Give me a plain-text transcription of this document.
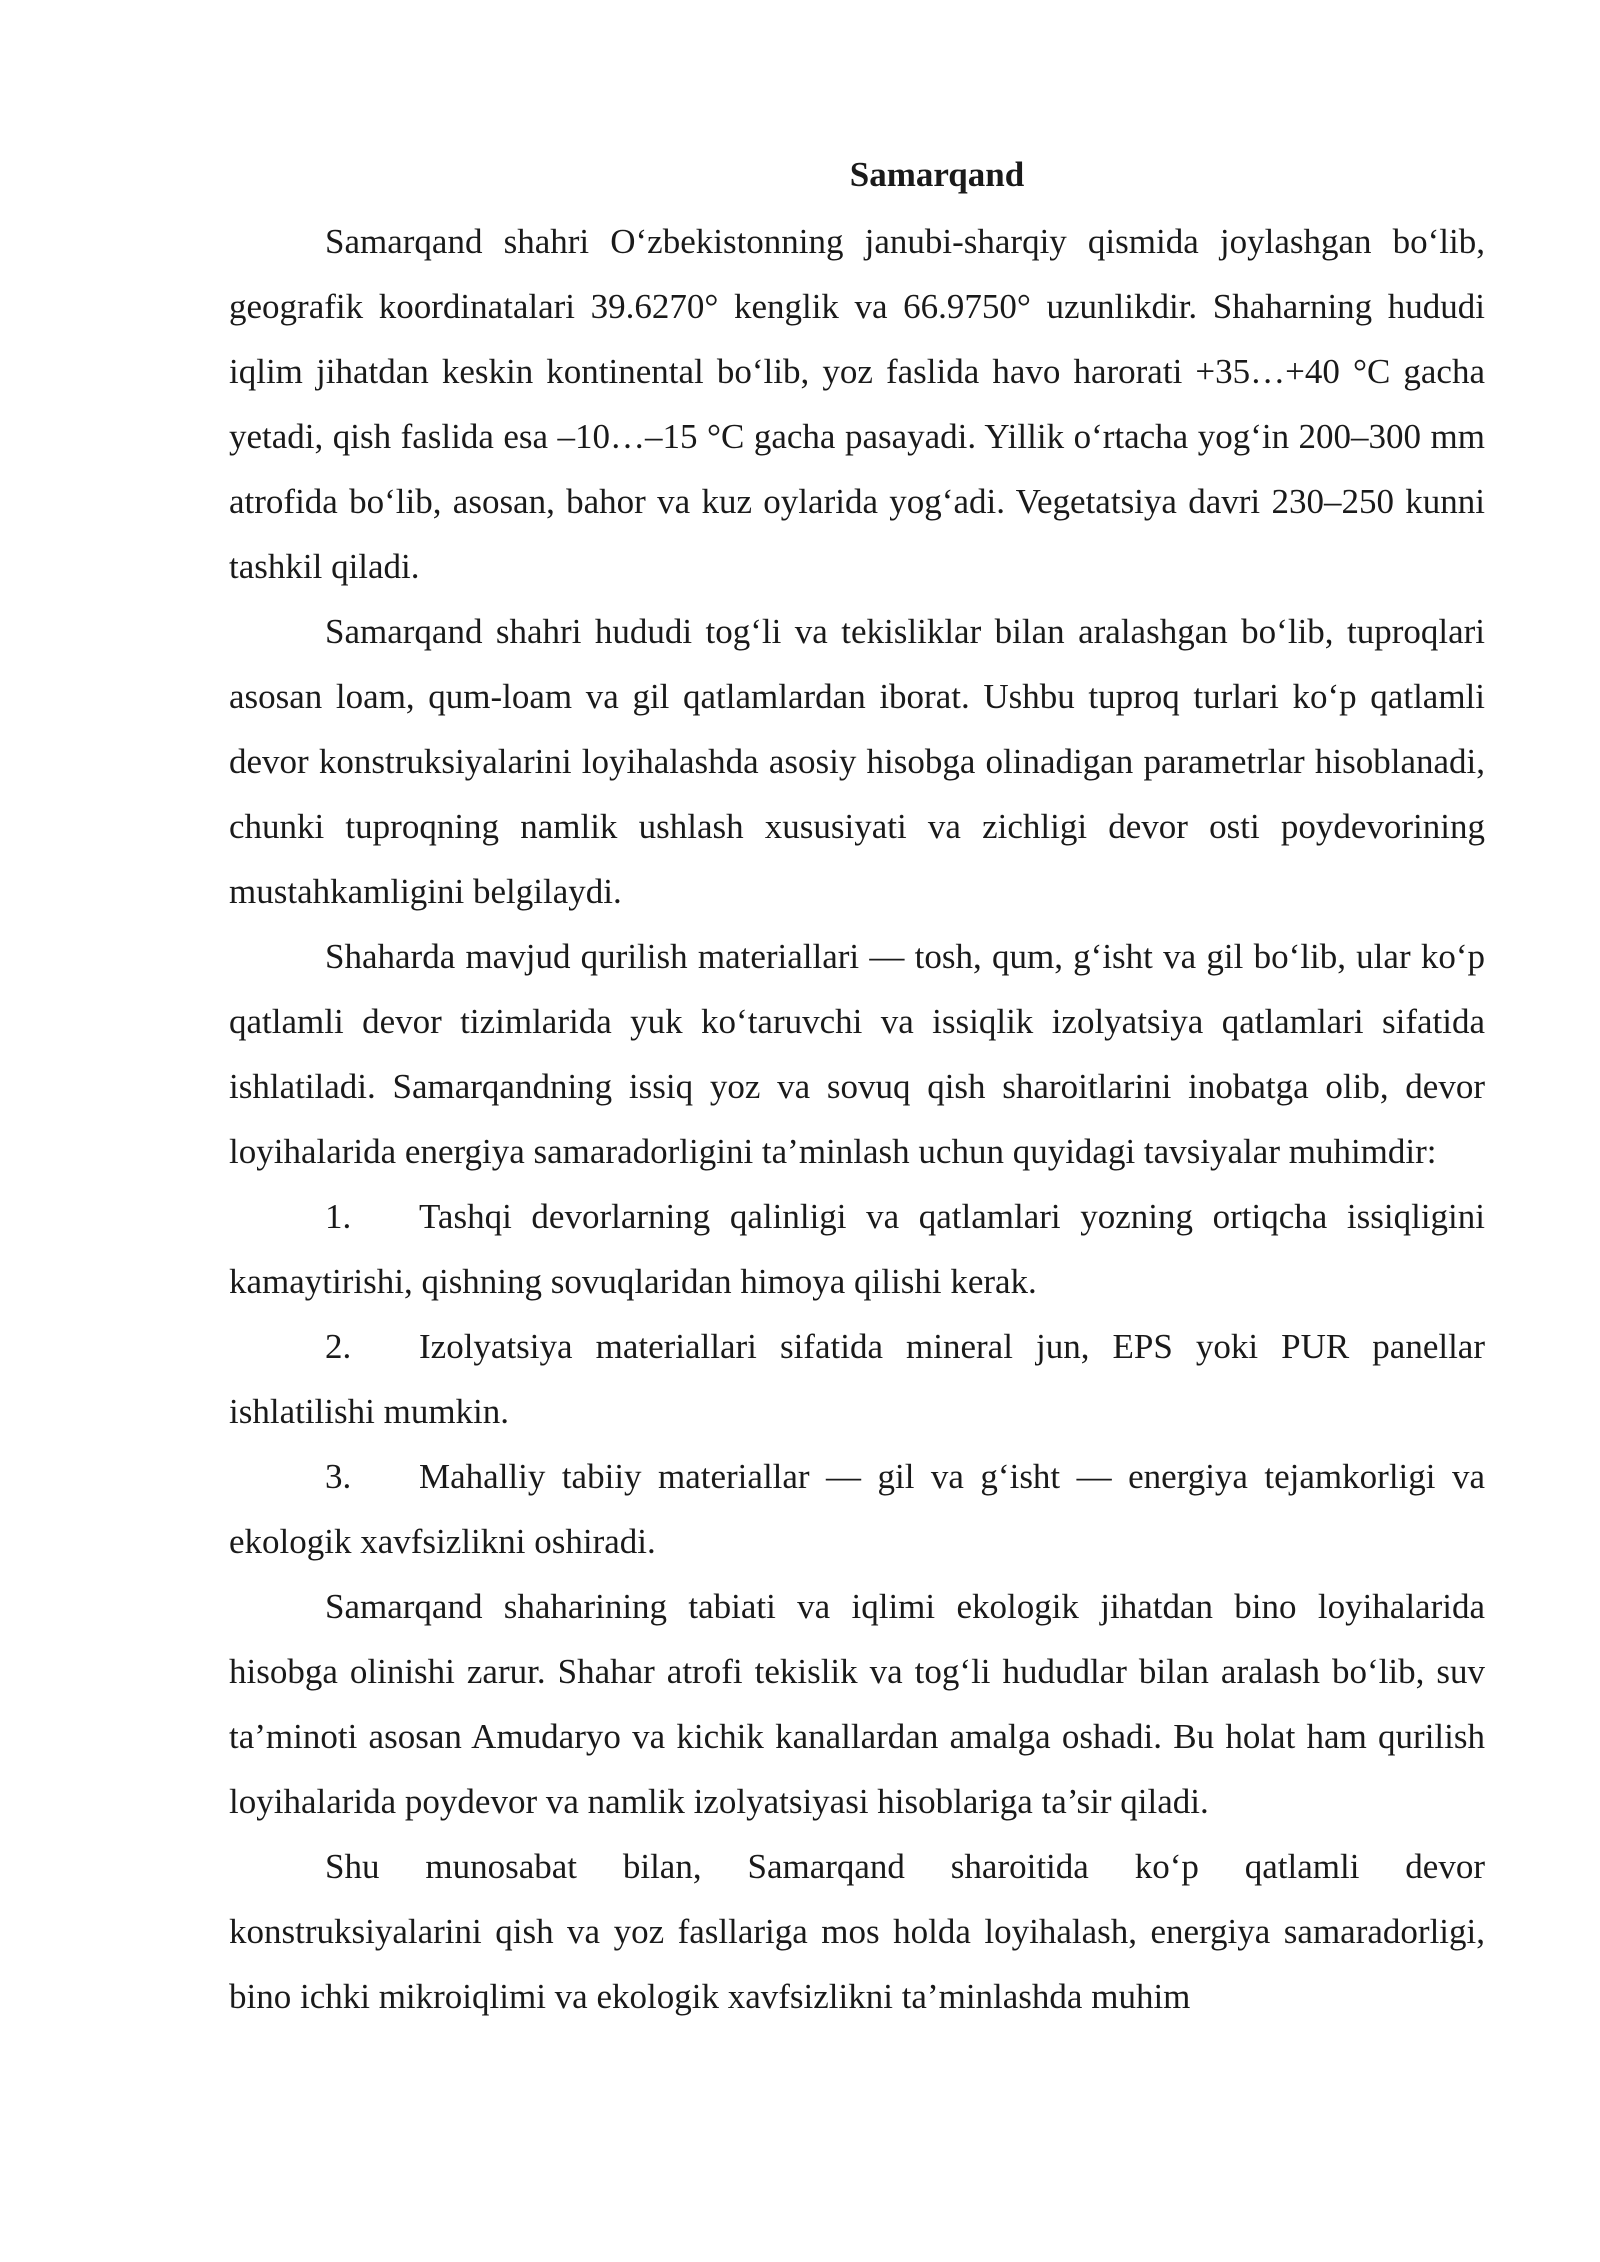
Samarqand

Samarqand shahri O‘zbekistonning janubi-sharqiy qismida joylashgan bo‘lib, geografik koordinatalari 39.6270° kenglik va 66.9750° uzunlikdir. Shaharning hududi iqlim jihatdan keskin kontinental bo‘lib, yoz faslida havo harorati +35…+40 °C gacha yetadi, qish faslida esa –10…–15 °C gacha pasayadi. Yillik o‘rtacha yog‘in 200–300 mm atrofida bo‘lib, asosan, bahor va kuz oylarida yog‘adi. Vegetatsiya davri 230–250 kunni tashkil qiladi.

Samarqand shahri hududi tog‘li va tekisliklar bilan aralashgan bo‘lib, tuproqlari asosan loam, qum-loam va gil qatlamlardan iborat. Ushbu tuproq turlari ko‘p qatlamli devor konstruksiyalarini loyihalashda asosiy hisobga olinadigan parametrlar hisoblanadi, chunki tuproqning namlik ushlash xususiyati va zichligi devor osti poydevorining mustahkamligini belgilaydi.

Shaharda mavjud qurilish materiallari — tosh, qum, g‘isht va gil bo‘lib, ular ko‘p qatlamli devor tizimlarida yuk ko‘taruvchi va issiqlik izolyatsiya qatlamlari sifatida ishlatiladi. Samarqandning issiq yoz va sovuq qish sharoitlarini inobatga olib, devor loyihalarida energiya samaradorligini ta’minlash uchun quyidagi tavsiyalar muhimdir:

1. Tashqi devorlarning qalinligi va qatlamlari yozning ortiqcha issiqligini kamaytirishi, qishning sovuqlaridan himoya qilishi kerak.

2. Izolyatsiya materiallari sifatida mineral jun, EPS yoki PUR panellar ishlatilishi mumkin.

3. Mahalliy tabiiy materiallar — gil va g‘isht — energiya tejamkorligi va ekologik xavfsizlikni oshiradi.

Samarqand shaharining tabiati va iqlimi ekologik jihatdan bino loyihalarida hisobga olinishi zarur. Shahar atrofi tekislik va tog‘li hududlar bilan aralash bo‘lib, suv ta’minoti asosan Amudaryo va kichik kanallardan amalga oshadi. Bu holat ham qurilish loyihalarida poydevor va namlik izolyatsiyasi hisoblariga ta’sir qiladi.

Shu munosabat bilan, Samarqand sharoitida ko‘p qatlamli devor konstruksiyalarini qish va yoz fasllariga mos holda loyihalash, energiya samaradorligi, bino ichki mikroiqlimi va ekologik xavfsizlikni ta’minlashda muhim
